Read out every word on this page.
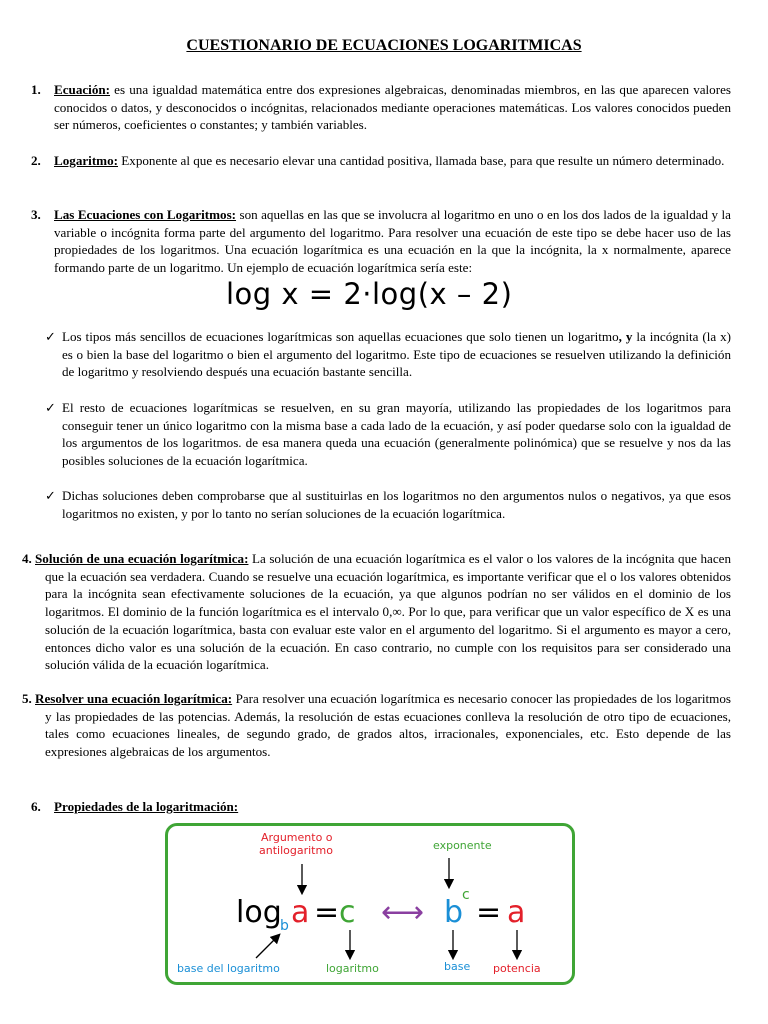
CUESTIONARIO DE ECUACIONES LOGARITMICAS
1. Ecuación: es una igualdad matemática entre dos expresiones algebraicas, denominadas miembros, en las que aparecen valores conocidos o datos, y desconocidos o incógnitas, relacionados mediante operaciones matemáticas. Los valores conocidos pueden ser números, coeficientes o constantes; y también variables.
2. Logaritmo: Exponente al que es necesario elevar una cantidad positiva, llamada base, para que resulte un número determinado.
3. Las Ecuaciones con Logaritmos: son aquellas en las que se involucra al logaritmo en uno o en los dos lados de la igualdad y la variable o incógnita forma parte del argumento del logaritmo. Para resolver una ecuación de este tipo se debe hacer uso de las propiedades de los logaritmos. Una ecuación logarítmica es una ecuación en la que la incógnita, la x normalmente, aparece formando parte de un logaritmo. Un ejemplo de ecuación logarítmica sería este:
log x = 2·log(x – 2)
✓ Los tipos más sencillos de ecuaciones logarítmicas son aquellas ecuaciones que solo tienen un logaritmo, y la incógnita (la x) es o bien la base del logaritmo o bien el argumento del logaritmo. Este tipo de ecuaciones se resuelven utilizando la definición de logaritmo y resolviendo después una ecuación bastante sencilla.
✓ El resto de ecuaciones logarítmicas se resuelven, en su gran mayoría, utilizando las propiedades de los logaritmos para conseguir tener un único logaritmo con la misma base a cada lado de la ecuación, y así poder quedarse solo con la igualdad de los argumentos de los logaritmos. de esa manera queda una ecuación (generalmente polinómica) que se resuelve y nos da las posibles soluciones de la ecuación logarítmica.
✓ Dichas soluciones deben comprobarse que al sustituirlas en los logaritmos no den argumentos nulos o negativos, ya que esos logaritmos no existen, y por lo tanto no serían soluciones de la ecuación logarítmica.
4. Solución de una ecuación logarítmica: La solución de una ecuación logarítmica es el valor o los valores de la incógnita que hacen que la ecuación sea verdadera. Cuando se resuelve una ecuación logarítmica, es importante verificar que el o los valores obtenidos para la incógnita sean efectivamente soluciones de la ecuación, ya que algunos podrían no ser válidos en el dominio de los logaritmos. El dominio de la función logarítmica es el intervalo 0,∞. Por lo que, para verificar que un valor específico de X es una solución de la ecuación logarítmica, basta con evaluar este valor en el argumento del logaritmo. Si el argumento es mayor a cero, entonces dicho valor es una solución de la ecuación. En caso contrario, no cumple con los requisitos para ser considerado una solución válida de la ecuación logarítmica.
5. Resolver una ecuación logarítmica: Para resolver una ecuación logarítmica es necesario conocer las propiedades de los logaritmos y las propiedades de las potencias. Además, la resolución de estas ecuaciones conlleva la resolución de otro tipo de ecuaciones, tales como ecuaciones lineales, de segundo grado, de grados altos, irracionales, exponenciales, etc. Esto depende de las expresiones algebraicas de los argumentos.
6. Propiedades de la logaritmación:
Argumento o
antilogaritmo	exponente
log
b a = c ⟷ b
c = a
base del logaritmo	logaritmo	base potencia
